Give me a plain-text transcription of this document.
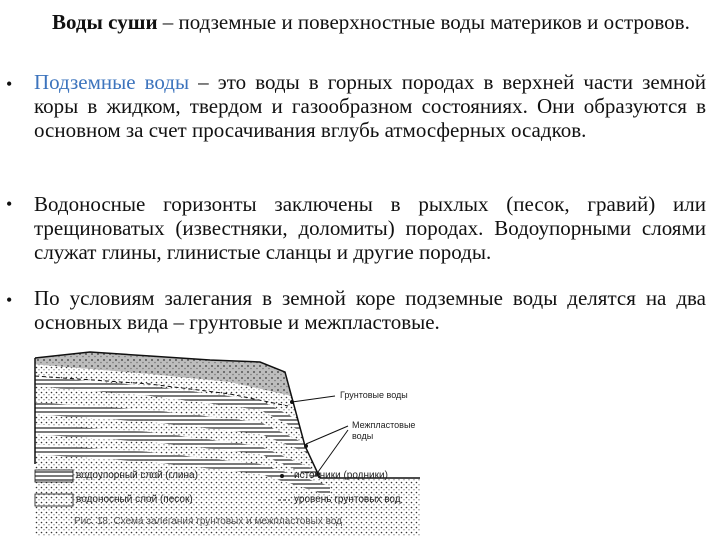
Воды суши – подземные и поверхностные воды материков и островов.
•	Подземные воды – это воды в горных породах в верхней части земной коры в жидком, твердом и газообразном состояниях. Они образуются в основном за счет просачивания вглубь атмосферных осадков.
•	Водоносные горизонты заключены в рыхлых (песок, гравий) или трещиноватых (известняки, доломиты) породах. Водоупорными слоями служат глины, глинистые сланцы и другие породы.
•	По условиям залегания в земной коре подземные воды делятся на два основных вида – грунтовые и межпластовые.
Грунтовые воды
Межпластовые
воды
водоупорный слой (глина)
водоносный слой (песок)
источники (родники)
уровень грунтовых вод
Рис. 18. Схема залегания грунтовых и межпластовых вод
